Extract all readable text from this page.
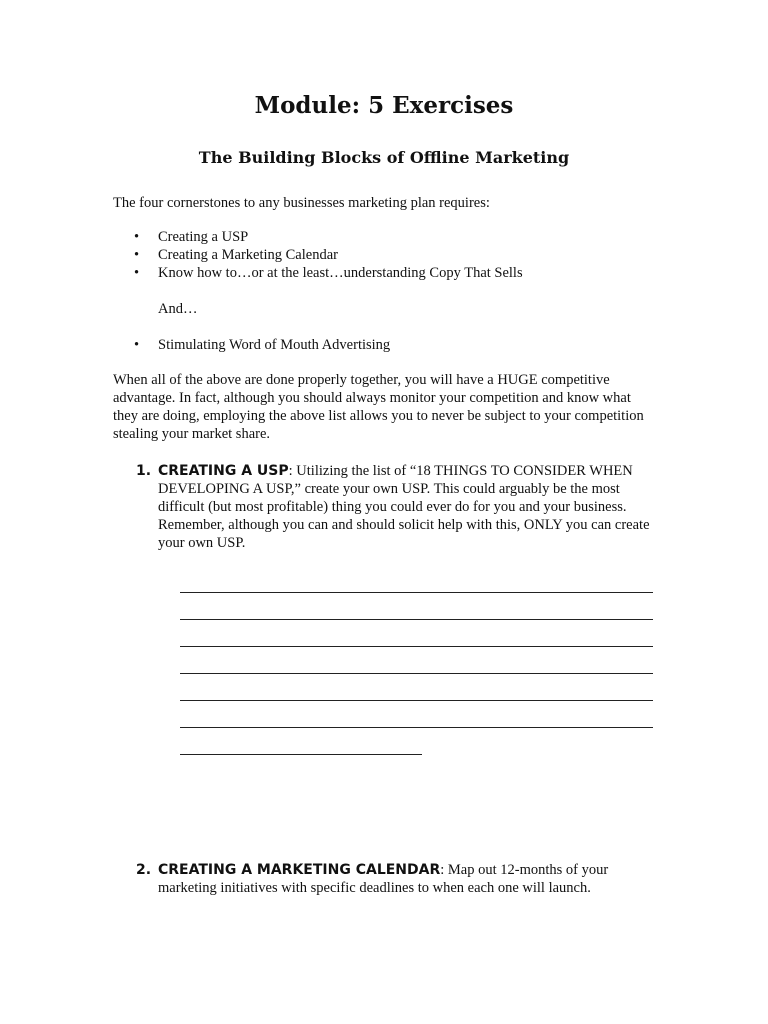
Module: 5 Exercises
The Building Blocks of Offline Marketing
The four cornerstones to any businesses marketing plan requires:
• Creating a USP
• Creating a Marketing Calendar
• Know how to…or at the least…understanding Copy That Sells
And…
• Stimulating Word of Mouth Advertising
When all of the above are done properly together, you will have a HUGE competitive advantage. In fact, although you should always monitor your competition and know what they are doing, employing the above list allows you to never be subject to your competition stealing your market share.
1. CREATING A USP: Utilizing the list of “18 THINGS TO CONSIDER WHEN DEVELOPING A USP,” create your own USP. This could arguably be the most difficult (but most profitable) thing you could ever do for you and your business. Remember, although you can and should solicit help with this, ONLY you can create your own USP.
2. CREATING A MARKETING CALENDAR: Map out 12-months of your marketing initiatives with specific deadlines to when each one will launch.
